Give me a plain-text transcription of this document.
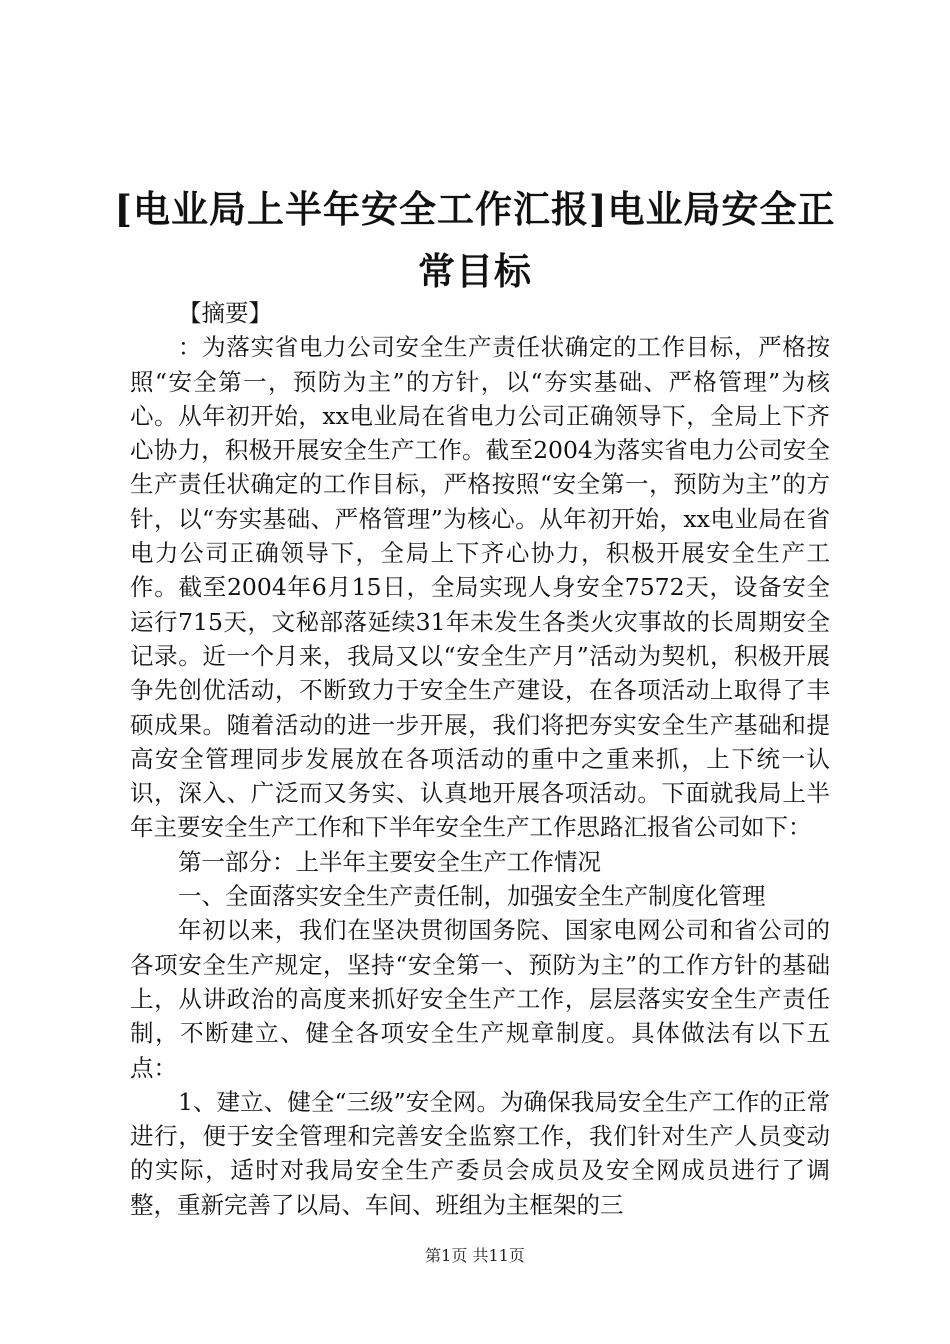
[电业局上半年安全工作汇报]电业局安全正常目标

【摘要】

：为落实省电力公司安全生产责任状确定的工作目标，严格按照“安全第一，预防为主”的方针，以“夯实基础、严格管理”为核心。从年初开始，xx电业局在省电力公司正确领导下，全局上下齐心协力，积极开展安全生产工作。截至2004为落实省电力公司安全生产责任状确定的工作目标，严格按照“安全第一，预防为主”的方针，以“夯实基础、严格管理”为核心。从年初开始，xx电业局在省电力公司正确领导下，全局上下齐心协力，积极开展安全生产工作。截至2004年6月15日，全局实现人身安全7572天，设备安全运行715天，文秘部落延续31年未发生各类火灾事故的长周期安全记录。近一个月来，我局又以“安全生产月”活动为契机，积极开展争先创优活动，不断致力于安全生产建设，在各项活动上取得了丰硕成果。随着活动的进一步开展，我们将把夯实安全生产基础和提高安全管理同步发展放在各项活动的重中之重来抓，上下统一认识，深入、广泛而又务实、认真地开展各项活动。下面就我局上半年主要安全生产工作和下半年安全生产工作思路汇报省公司如下：

第一部分：上半年主要安全生产工作情况

一、全面落实安全生产责任制，加强安全生产制度化管理

年初以来，我们在坚决贯彻国务院、国家电网公司和省公司的各项安全生产规定，坚持“安全第一、预防为主”的工作方针的基础上，从讲政治的高度来抓好安全生产工作，层层落实安全生产责任制，不断建立、健全各项安全生产规章制度。具体做法有以下五点：

1、建立、健全“三级”安全网。为确保我局安全生产工作的正常进行，便于安全管理和完善安全监察工作，我们针对生产人员变动的实际，适时对我局安全生产委员会成员及安全网成员进行了调整，重新完善了以局、车间、班组为主框架的三

第1页 共11页
